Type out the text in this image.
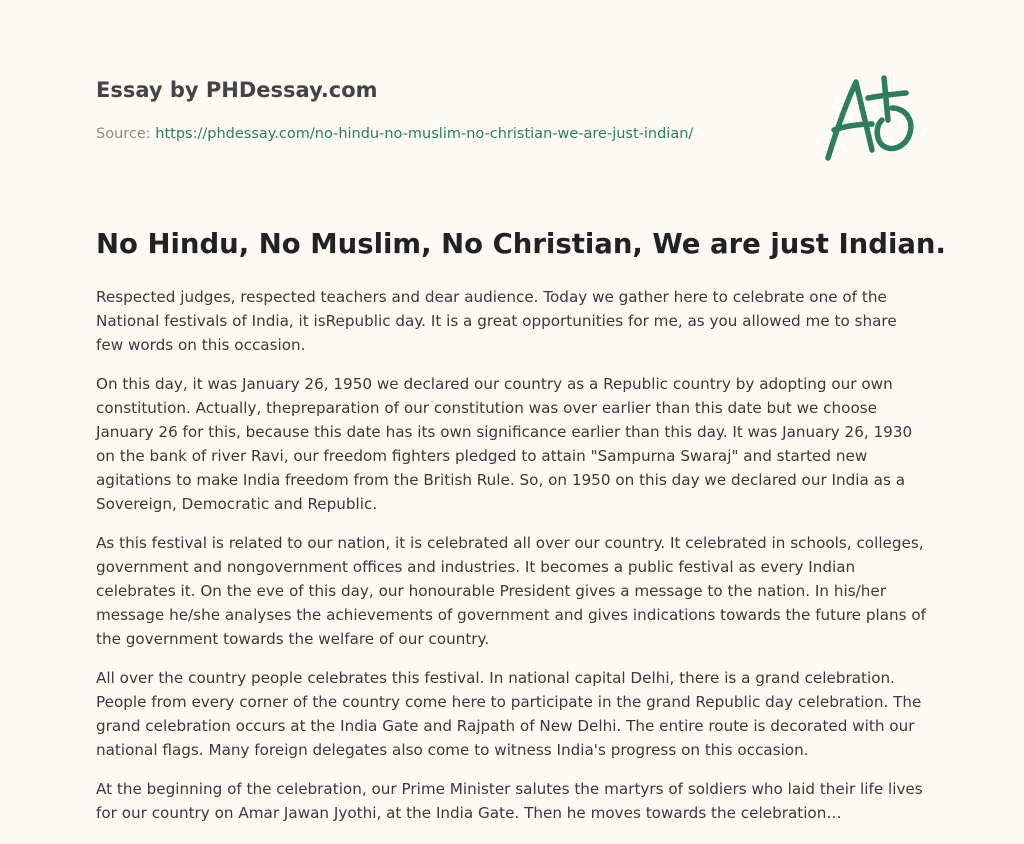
Essay by PHDessay.com
Source: https://phdessay.com/no-hindu-no-muslim-no-christian-we-are-just-indian/
No Hindu, No Muslim, No Christian, We are just Indian.

Respected judges, respected teachers and dear audience. Today we gather here to celebrate one of the National festivals of India, it isRepublic day. It is a great opportunities for me, as you allowed me to share few words on this occasion.

On this day, it was January 26, 1950 we declared our country as a Republic country by adopting our own constitution. Actually, thepreparation of our constitution was over earlier than this date but we choose January 26 for this, because this date has its own significance earlier than this day. It was January 26, 1930 on the bank of river Ravi, our freedom fighters pledged to attain "Sampurna Swaraj" and started new agitations to make India freedom from the British Rule. So, on 1950 on this day we declared our India as a Sovereign, Democratic and Republic.

As this festival is related to our nation, it is celebrated all over our country. It celebrated in schools, colleges, government and nongovernment offices and industries. It becomes a public festival as every Indian celebrates it. On the eve of this day, our honourable President gives a message to the nation. In his/her message he/she analyses the achievements of government and gives indications towards the future plans of the government towards the welfare of our country.

All over the country people celebrates this festival. In national capital Delhi, there is a grand celebration. People from every corner of the country come here to participate in the grand Republic day celebration. The grand celebration occurs at the India Gate and Rajpath of New Delhi. The entire route is decorated with our national flags. Many foreign delegates also come to witness India's progress on this occasion.

At the beginning of the celebration, our Prime Minister salutes the martyrs of soldiers who laid their life lives for our country on Amar Jawan Jyothi, at the India Gate. Then he moves towards the celebration…
